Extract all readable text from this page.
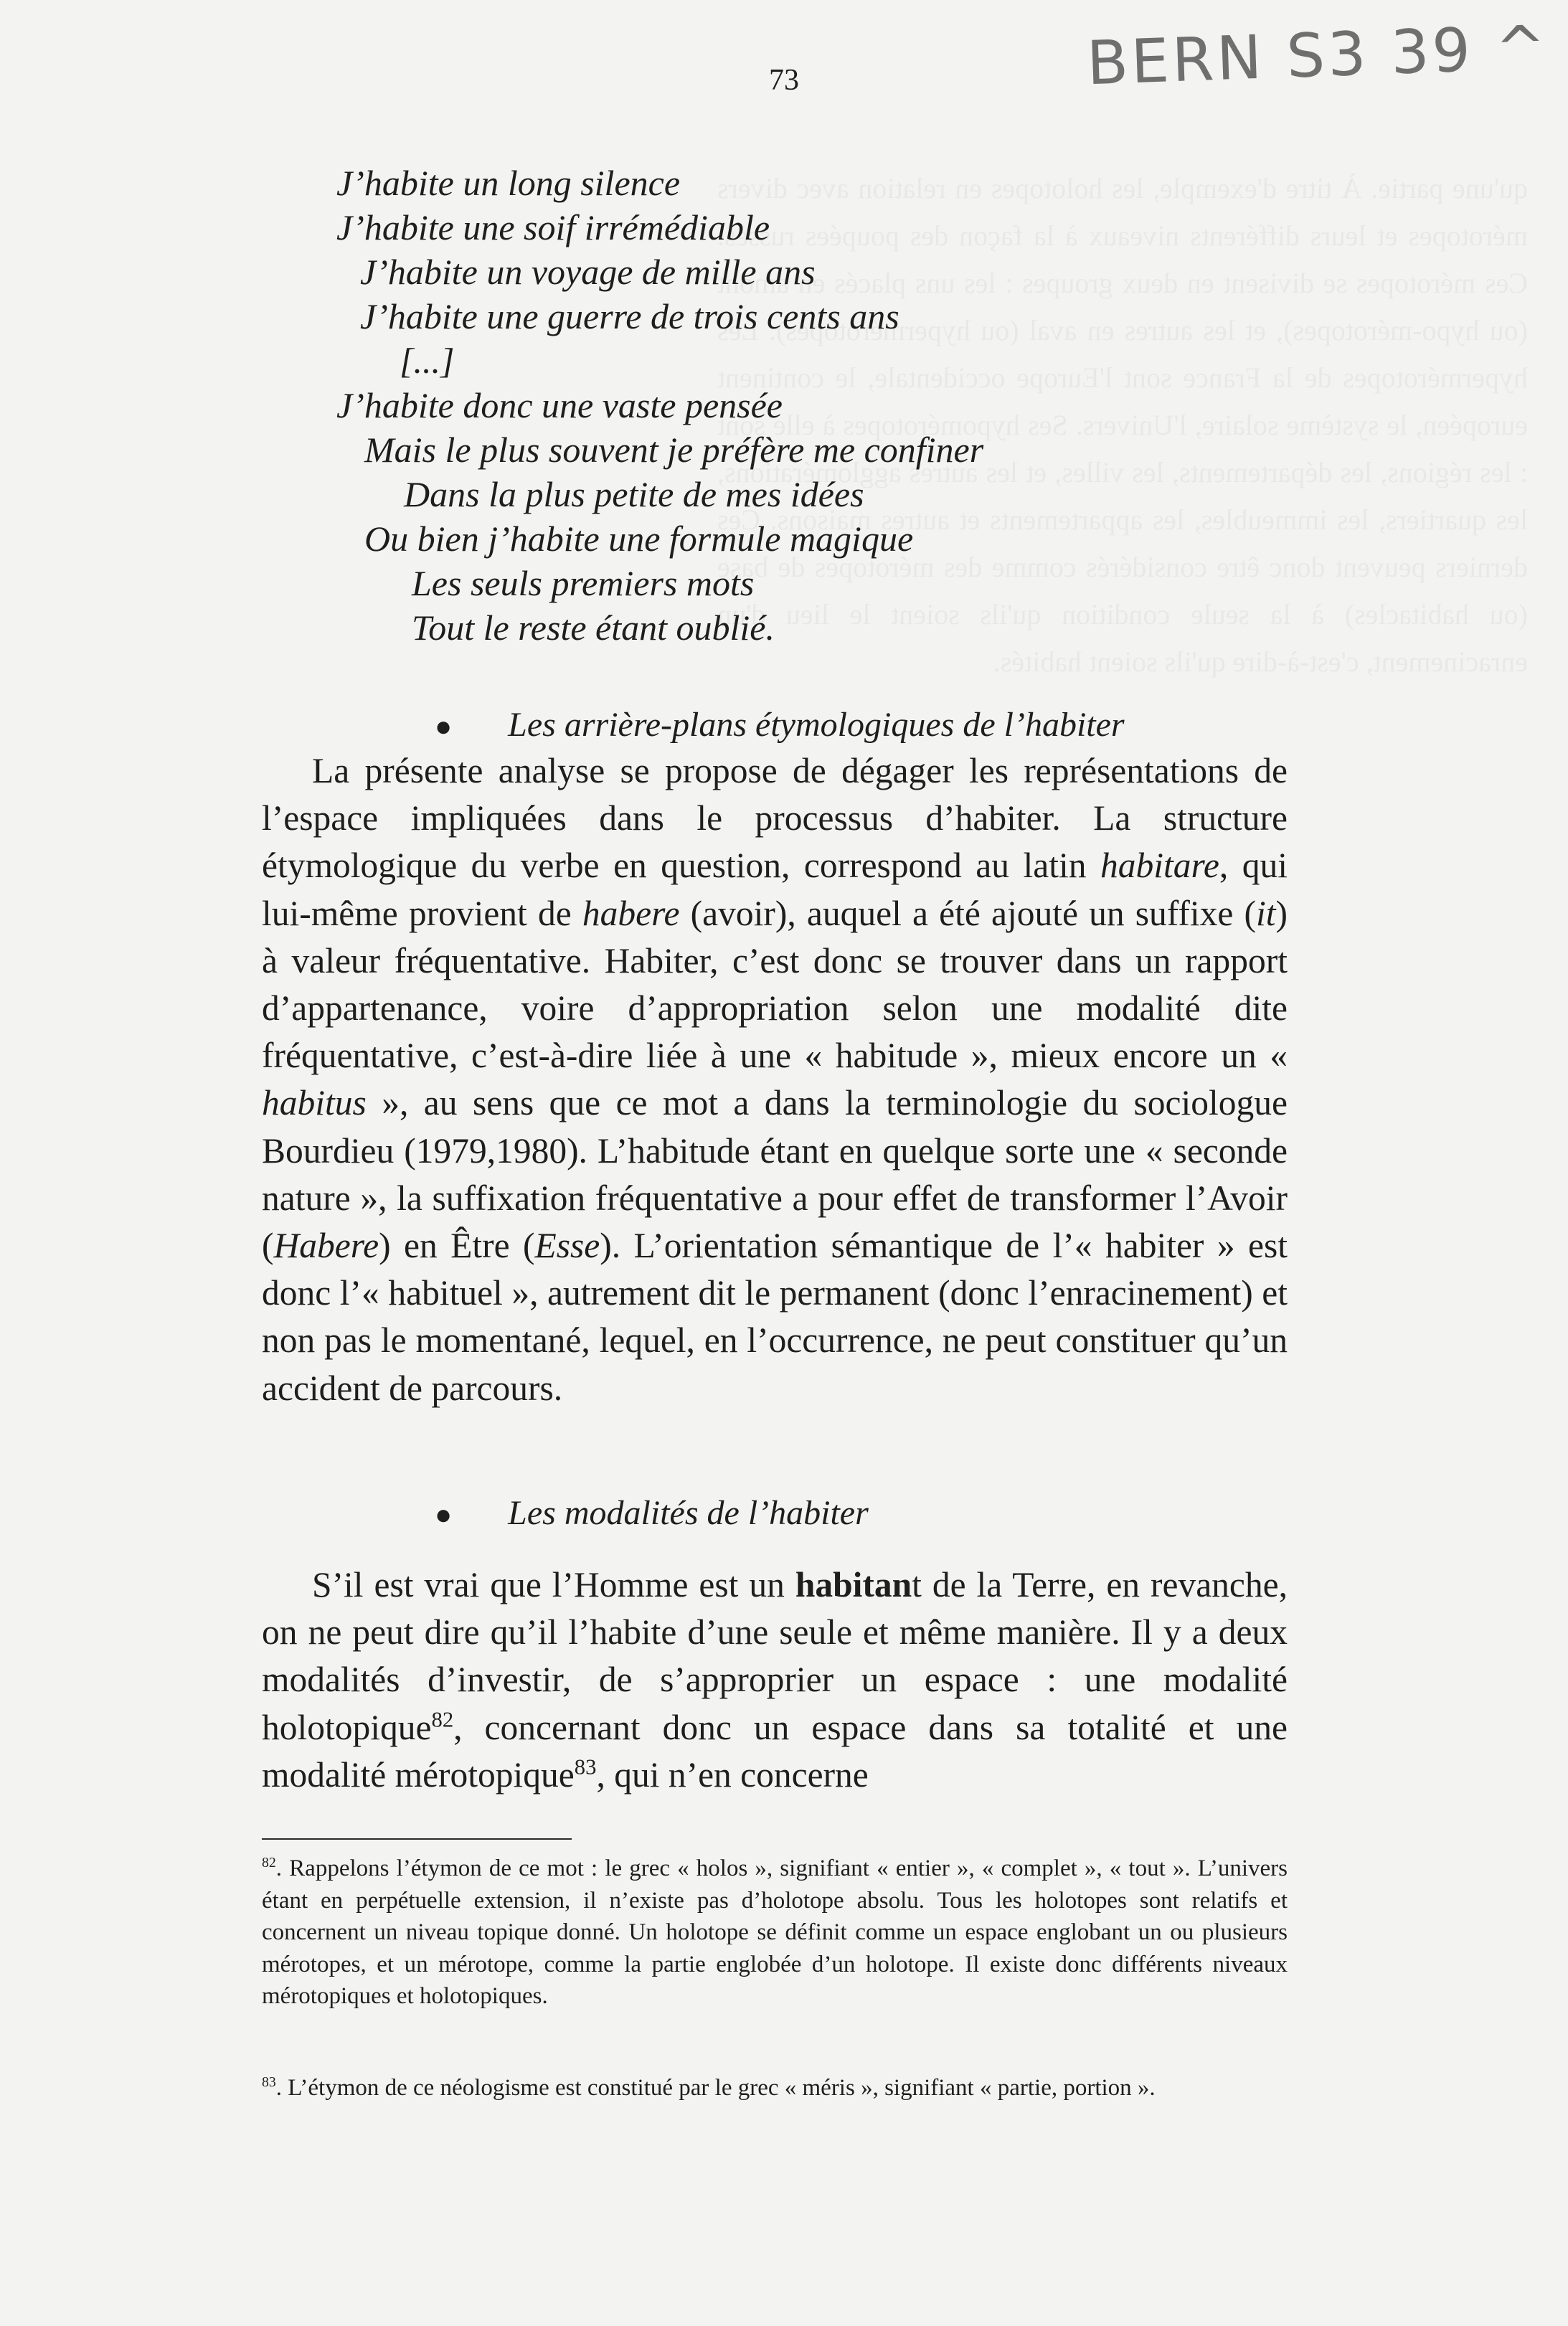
BERN S3 39 ^
73
J’habite un long silence
J’habite une soif irrémédiable
J’habite un voyage de mille ans
J’habite une guerre de trois cents ans
[...]
J’habite donc une vaste pensée
Mais le plus souvent je préfère me confiner
Dans la plus petite de mes idées
Ou bien j’habite une formule magique
Les seuls premiers mots
Tout le reste étant oublié.
● Les arrière-plans étymologiques de l’habiter
La présente analyse se propose de dégager les représentations de l’espace impliquées dans le processus d’habiter. La structure étymologique du verbe en question, correspond au latin habitare, qui lui-même provient de habere (avoir), auquel a été ajouté un suffixe (it) à valeur fréquentative. Habiter, c’est donc se trouver dans un rapport d’appartenance, voire d’appropriation selon une modalité dite fréquentative, c’est-à-dire liée à une « habitude », mieux encore un « habitus », au sens que ce mot a dans la terminologie du sociologue Bourdieu (1979,1980). L’habitude étant en quelque sorte une « seconde nature », la suffixation fréquentative a pour effet de transformer l’Avoir (Habere) en Être (Esse). L’orientation sémantique de l’« habiter » est donc l’« habituel », autrement dit le permanent (donc l’enracinement) et non pas le momentané, lequel, en l’occurrence, ne peut constituer qu’un accident de parcours.
● Les modalités de l’habiter
S’il est vrai que l’Homme est un habitant de la Terre, en revanche, on ne peut dire qu’il l’habite d’une seule et même manière. Il y a deux modalités d’investir, de s’approprier un espace : une modalité holotopique$^{82}$, concernant donc un espace dans sa totalité et une modalité mérotopique$^{83}$, qui n’en concerne
$^{82}$. Rappelons l’étymon de ce mot : le grec « holos », signifiant « entier », « complet », « tout ». L’univers étant en perpétuelle extension, il n’existe pas d’holotope absolu. Tous les holotopes sont relatifs et concernent un niveau topique donné. Un holotope se définit comme un espace englobant un ou plusieurs mérotopes, et un mérotope, comme la partie englobée d’un holotope. Il existe donc différents niveaux mérotopiques et holotopiques.
$^{83}$. L’étymon de ce néologisme est constitué par le grec « méris », signifiant « partie, portion ».
